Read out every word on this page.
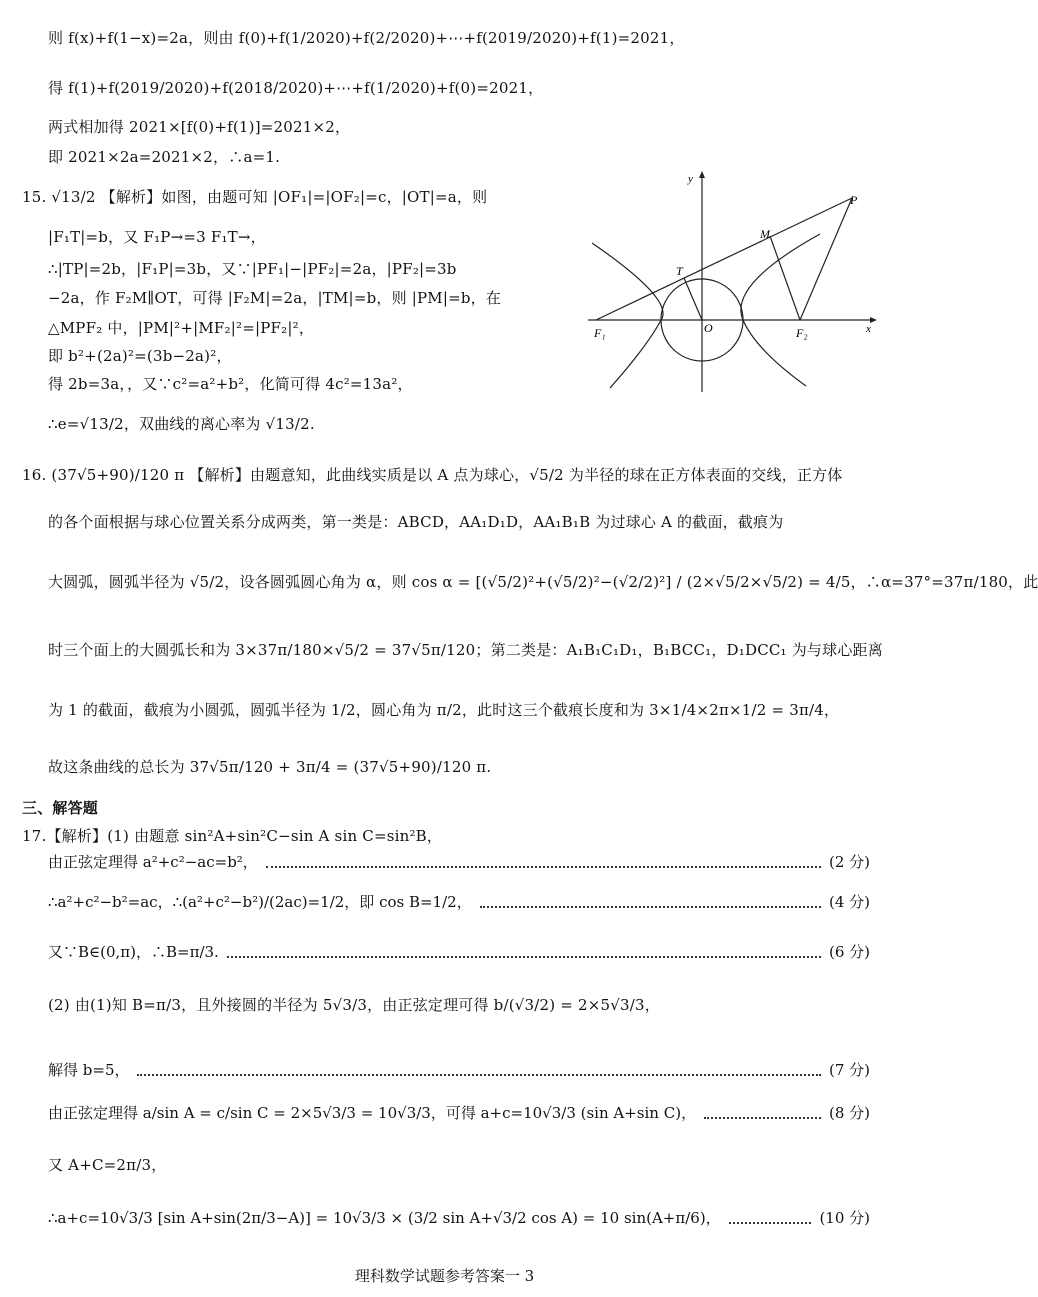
则 f(x)+f(1−x)=2a，则由 f(0)+f(1/2020)+f(2/2020)+⋯+f(2019/2020)+f(1)=2021，
得 f(1)+f(2019/2020)+f(2018/2020)+⋯+f(1/2020)+f(0)=2021，
两式相加得 2021×[f(0)+f(1)]=2021×2，
即 2021×2a=2021×2，∴a=1.
15. √13/2 【解析】如图，由题可知 |OF₁|=|OF₂|=c，|OT|=a，则
|F₁T|=b，又 F₁P→=3 F₁T→，
∴|TP|=2b，|F₁P|=3b，又∵|PF₁|−|PF₂|=2a，|PF₂|=3b
−2a，作 F₂M∥OT，可得 |F₂M|=2a，|TM|=b，则 |PM|=b，在
△MPF₂ 中，|PM|²+|MF₂|²=|PF₂|²，
即 b²+(2a)²=(3b−2a)²，
得 2b=3a，，又∵c²=a²+b²，化简可得 4c²=13a²，
∴e=√13/2，双曲线的离心率为 √13/2.
y
x
P
M
T
O
F₁	F₂
16. (37√5+90)/120 π 【解析】由题意知，此曲线实质是以 A 点为球心，√5/2 为半径的球在正方体表面的交线，正方体
的各个面根据与球心位置关系分成两类，第一类是：ABCD，AA₁D₁D，AA₁B₁B 为过球心 A 的截面，截痕为
大圆弧，圆弧半径为 √5/2，设各圆弧圆心角为 α，则 cos α = [(√5/2)²+(√5/2)²−(√2/2)²] / (2×√5/2×√5/2) = 4/5，∴α=37°=37π/180，此
时三个面上的大圆弧长和为 3×37π/180×√5/2 = 37√5π/120；第二类是：A₁B₁C₁D₁，B₁BCC₁，D₁DCC₁ 为与球心距离
为 1 的截面，截痕为小圆弧，圆弧半径为 1/2，圆心角为 π/2，此时这三个截痕长度和为 3×1/4×2π×1/2 = 3π/4，
故这条曲线的总长为 37√5π/120 + 3π/4 = (37√5+90)/120 π.
三、解答题
17.【解析】(1) 由题意 sin²A+sin²C−sin A sin C=sin²B，
由正弦定理得 a²+c²−ac=b²，	(2 分)
∴a²+c²−b²=ac，∴(a²+c²−b²)/(2ac)=1/2，即 cos B=1/2，	(4 分)
又∵B∈(0,π)，∴B=π/3.	(6 分)
(2) 由(1)知 B=π/3，且外接圆的半径为 5√3/3，由正弦定理可得 b/(√3/2) = 2×5√3/3，
解得 b=5，	(7 分)
由正弦定理得 a/sin A = c/sin C = 2×5√3/3 = 10√3/3，可得 a+c=10√3/3 (sin A+sin C)，	(8 分)
又 A+C=2π/3，
∴a+c=10√3/3 [sin A+sin(2π/3−A)] = 10√3/3 × (3/2 sin A+√3/2 cos A) = 10 sin(A+π/6)，	(10 分)
理科数学试题参考答案一 3
